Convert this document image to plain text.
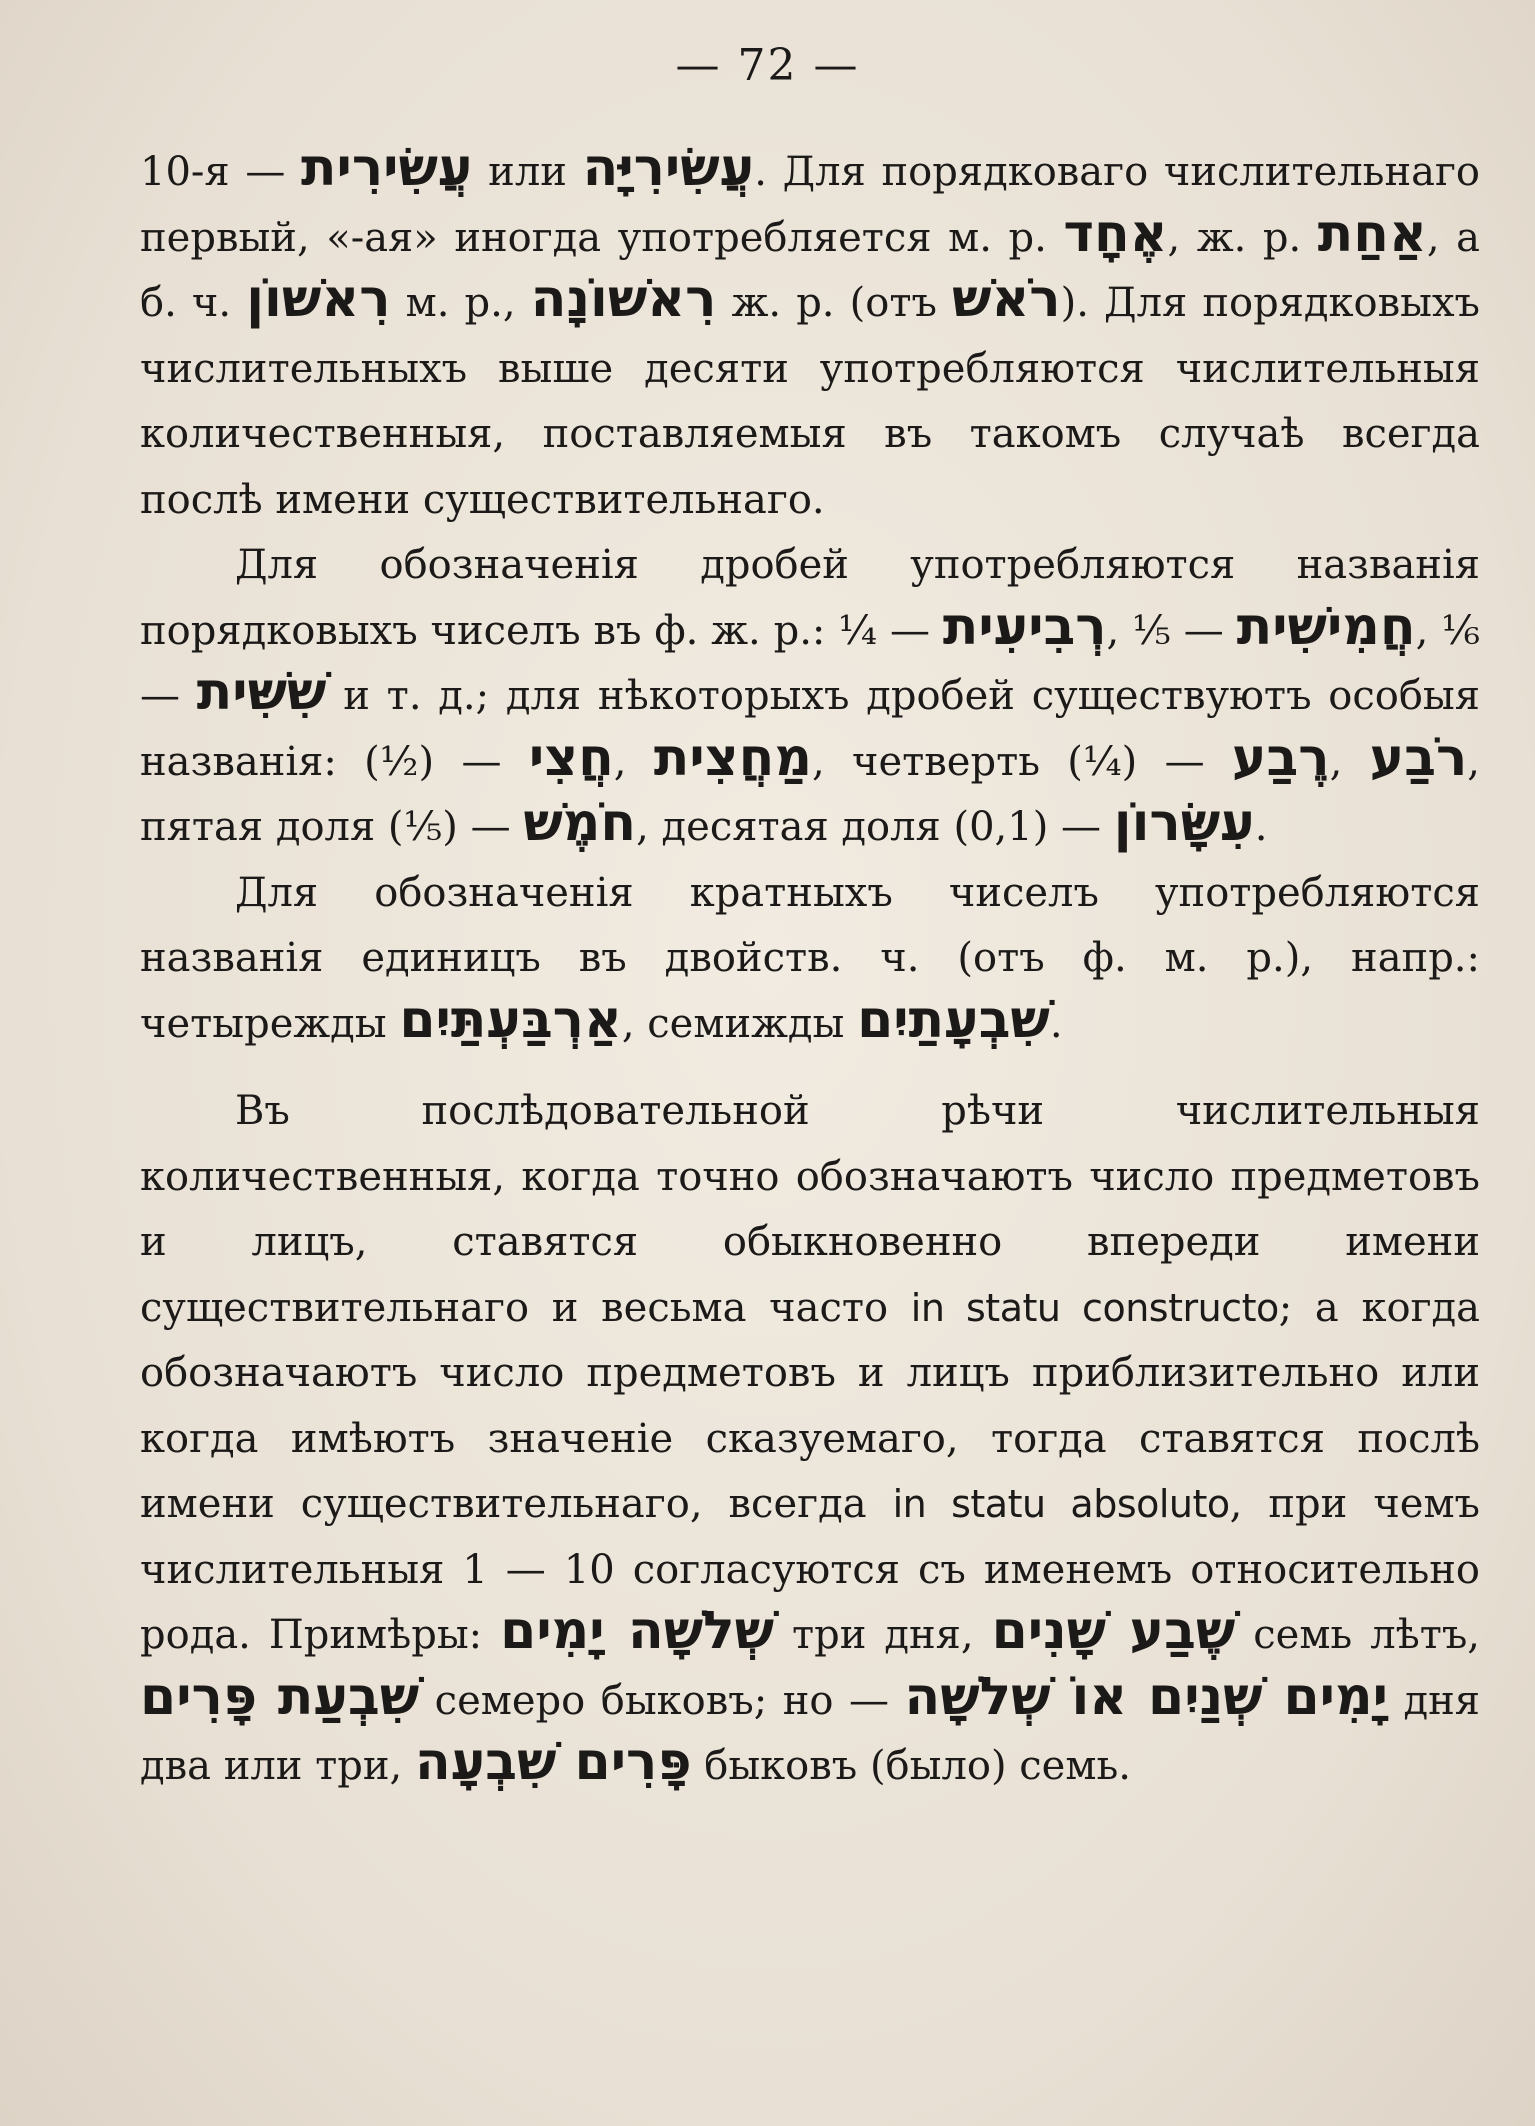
— 72 —

10-я — עֲשִׂירִית или עֲשִׂירִיָּה. Для порядковаго числительнаго первый, «-ая» иногда употребляется м. р. אֶחָד, ж. р. אַחַת, а б. ч. רִאשׁוֹן м. р., רִאשׁוֹנָה ж. р. (отъ רֹאשׁ). Для порядковыхъ числительныхъ выше десяти употребляются числительныя количественныя, поставляемыя въ такомъ случаѣ всегда послѣ имени существительнаго.

Для обозначенія дробей употребляются названія порядковыхъ чиселъ въ ф. ж. р.: ¼ — רְבִיעִית, ⅕ — חֲמִישִׁית, ⅙ — שִׁשִּׁית и т. д.; для нѣкоторыхъ дробей существуютъ особыя названія: (½) — חֲצִי, מַחֲצִית, четверть (¼) — רֶבַע, רֹבַע, пятая доля (⅕) — חֹמֶשׁ, десятая доля (0,1) — עִשָּׂרוֹן.

Для обозначенія кратныхъ чиселъ употребляются названія единицъ въ двойств. ч. (отъ ф. м. р.), напр.: четырежды אַרְבַּעְתַּיִם, семижды שִׁבְעָתַיִם.

Въ послѣдовательной рѣчи числительныя количественныя, когда точно обозначаютъ число предметовъ и лицъ, ставятся обыкновенно впереди имени существительнаго и весьма часто in statu constructo; а когда обозначаютъ число предметовъ и лицъ приблизительно или когда имѣютъ значеніе сказуемаго, тогда ставятся послѣ имени существительнаго, всегда in statu absoluto, при чемъ числительныя 1 — 10 согласуются съ именемъ относительно рода. Примѣры: שְׁלֹשָׁה יָמִים три дня, שֶׁבַע שָׁנִים семь лѣтъ, שִׁבְעַת פָּרִים семеро быковъ; но — יָמִים שְׁנַיִם אוֹ שְׁלֹשָׁה дня два или три, פָּרִים שִׁבְעָה быковъ (было) семь.
